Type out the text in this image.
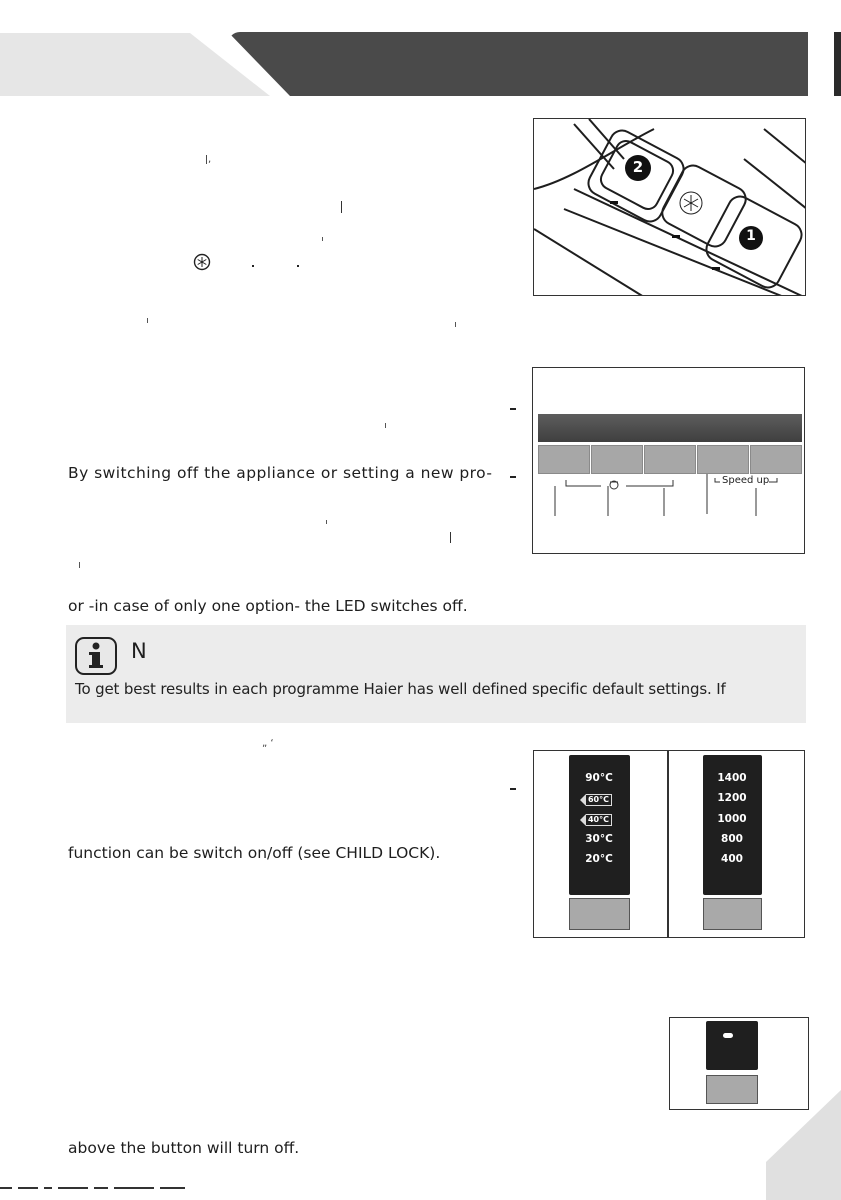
ǀ,
„ ‘
2
1
Speed up
By switching off the appliance or setting a new pro-
or -in case of only one option- the LED switches off.
N
To get best results in each programme Haier has well defined specific default settings. If
90°C
60°C
40°C
30°C
20°C
1400
1200
1000
800
400
function can be switch on/off (see CHILD LOCK).
above the button will turn off.
